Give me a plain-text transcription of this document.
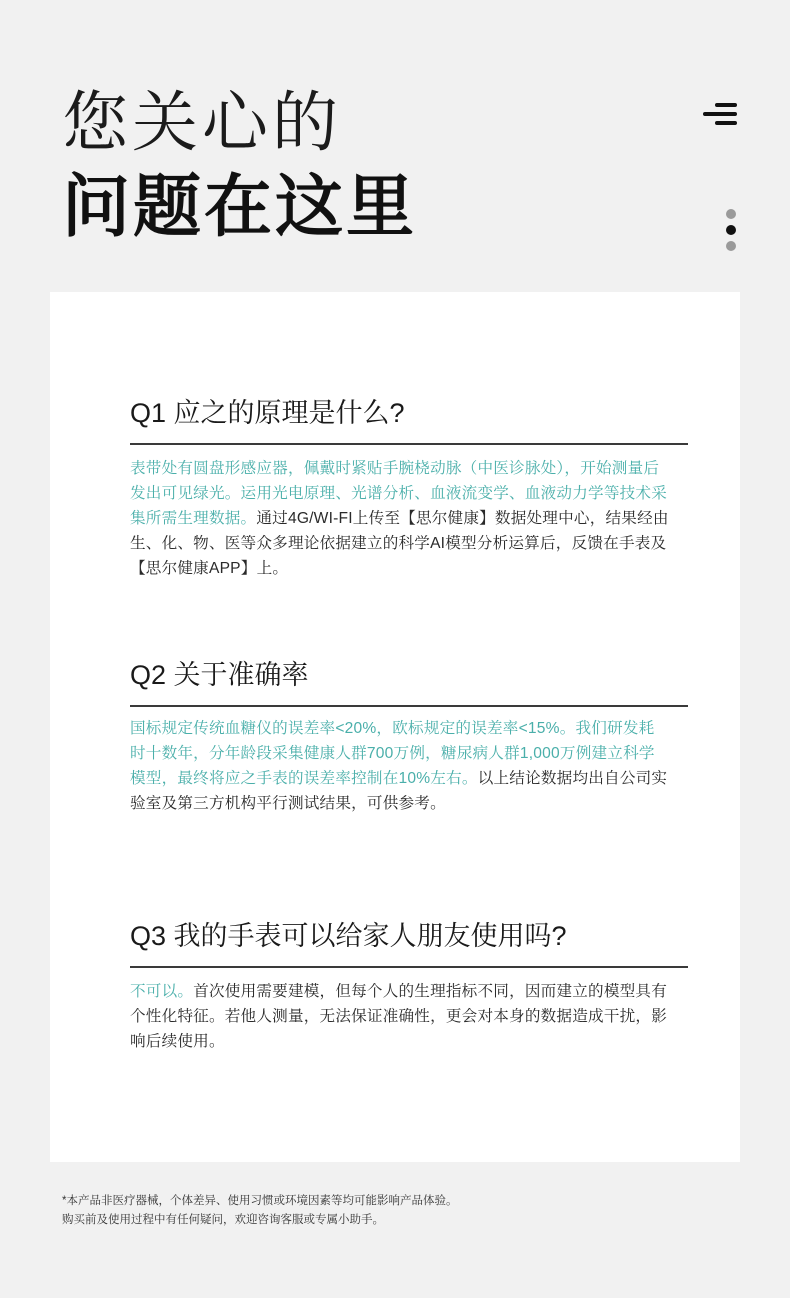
您关心的
问题在这里
Q1 应之的原理是什么?
表带处有圆盘形感应器，佩戴时紧贴手腕桡动脉（中医诊脉处），开始测量后发出可见绿光。运用光电原理、光谱分析、血液流变学、血液动力学等技术采集所需生理数据。通过4G/WI-FI上传至【思尔健康】数据处理中心，结果经由生、化、物、医等众多理论依据建立的科学AI模型分析运算后，反馈在手表及【思尔健康APP】上。
Q2 关于准确率
国标规定传统血糖仪的误差率<20%，欧标规定的误差率<15%。我们研发耗时十数年，分年龄段采集健康人群700万例，糖尿病人群1,000万例建立科学模型，最终将应之手表的误差率控制在10%左右。以上结论数据均出自公司实验室及第三方机构平行测试结果，可供参考。
Q3 我的手表可以给家人朋友使用吗?
不可以。首次使用需要建模，但每个人的生理指标不同，因而建立的模型具有个性化特征。若他人测量，无法保证准确性，更会对本身的数据造成干扰，影响后续使用。
*本产品非医疗器械，个体差异、使用习惯或环境因素等均可能影响产品体验。
购买前及使用过程中有任何疑问，欢迎咨询客服或专属小助手。
